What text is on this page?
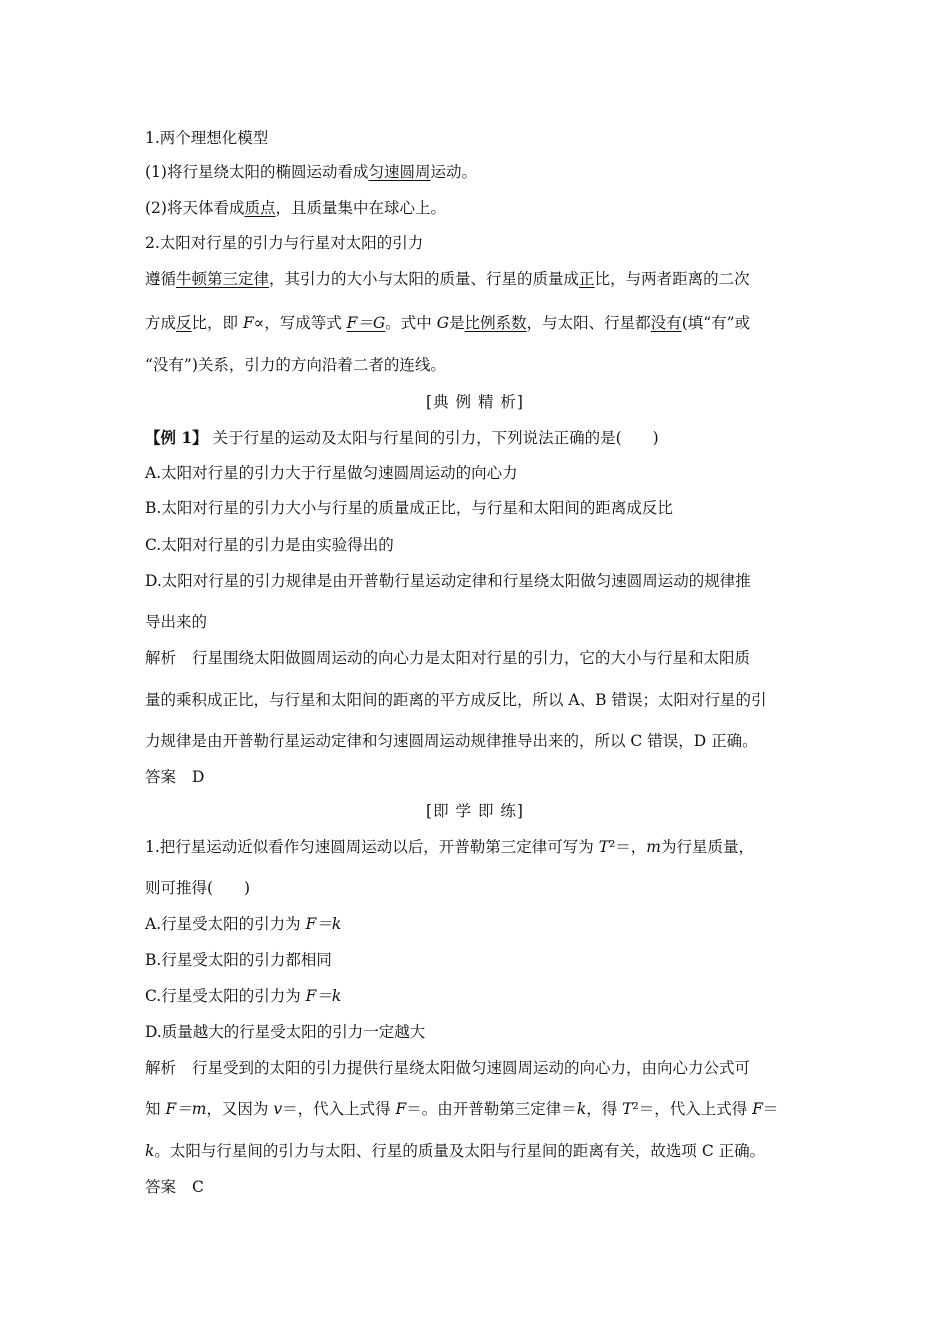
1.两个理想化模型
(1)将行星绕太阳的椭圆运动看成匀速圆周运动。
(2)将天体看成质点，且质量集中在球心上。
2.太阳对行星的引力与行星对太阳的引力
遵循牛顿第三定律，其引力的大小与太阳的质量、行星的质量成正比，与两者距离的二次
方成反比，即 F∝，写成等式 F＝G。式中 G是比例系数，与太阳、行星都没有(填“有”或
“没有”)关系，引力的方向沿着二者的连线。
[典 例 精 析]
【例 1】 关于行星的运动及太阳与行星间的引力，下列说法正确的是(　　)
A.太阳对行星的引力大于行星做匀速圆周运动的向心力
B.太阳对行星的引力大小与行星的质量成正比，与行星和太阳间的距离成反比
C.太阳对行星的引力是由实验得出的
D.太阳对行星的引力规律是由开普勒行星运动定律和行星绕太阳做匀速圆周运动的规律推
导出来的
解析 行星围绕太阳做圆周运动的向心力是太阳对行星的引力，它的大小与行星和太阳质
量的乘积成正比，与行星和太阳间的距离的平方成反比，所以 A、B 错误；太阳对行星的引
力规律是由开普勒行星运动定律和匀速圆周运动规律推导出来的，所以 C 错误，D 正确。
答案 D
[即 学 即 练]
1.把行星运动近似看作匀速圆周运动以后，开普勒第三定律可写为 T²＝，m为行星质量，
则可推得(　　)
A.行星受太阳的引力为 F＝k
B.行星受太阳的引力都相同
C.行星受太阳的引力为 F＝k
D.质量越大的行星受太阳的引力一定越大
解析 行星受到的太阳的引力提供行星绕太阳做匀速圆周运动的向心力，由向心力公式可
知 F＝m，又因为 v＝，代入上式得 F＝。由开普勒第三定律＝k，得 T²＝，代入上式得 F＝
k。太阳与行星间的引力与太阳、行星的质量及太阳与行星间的距离有关，故选项 C 正确。
答案 C
